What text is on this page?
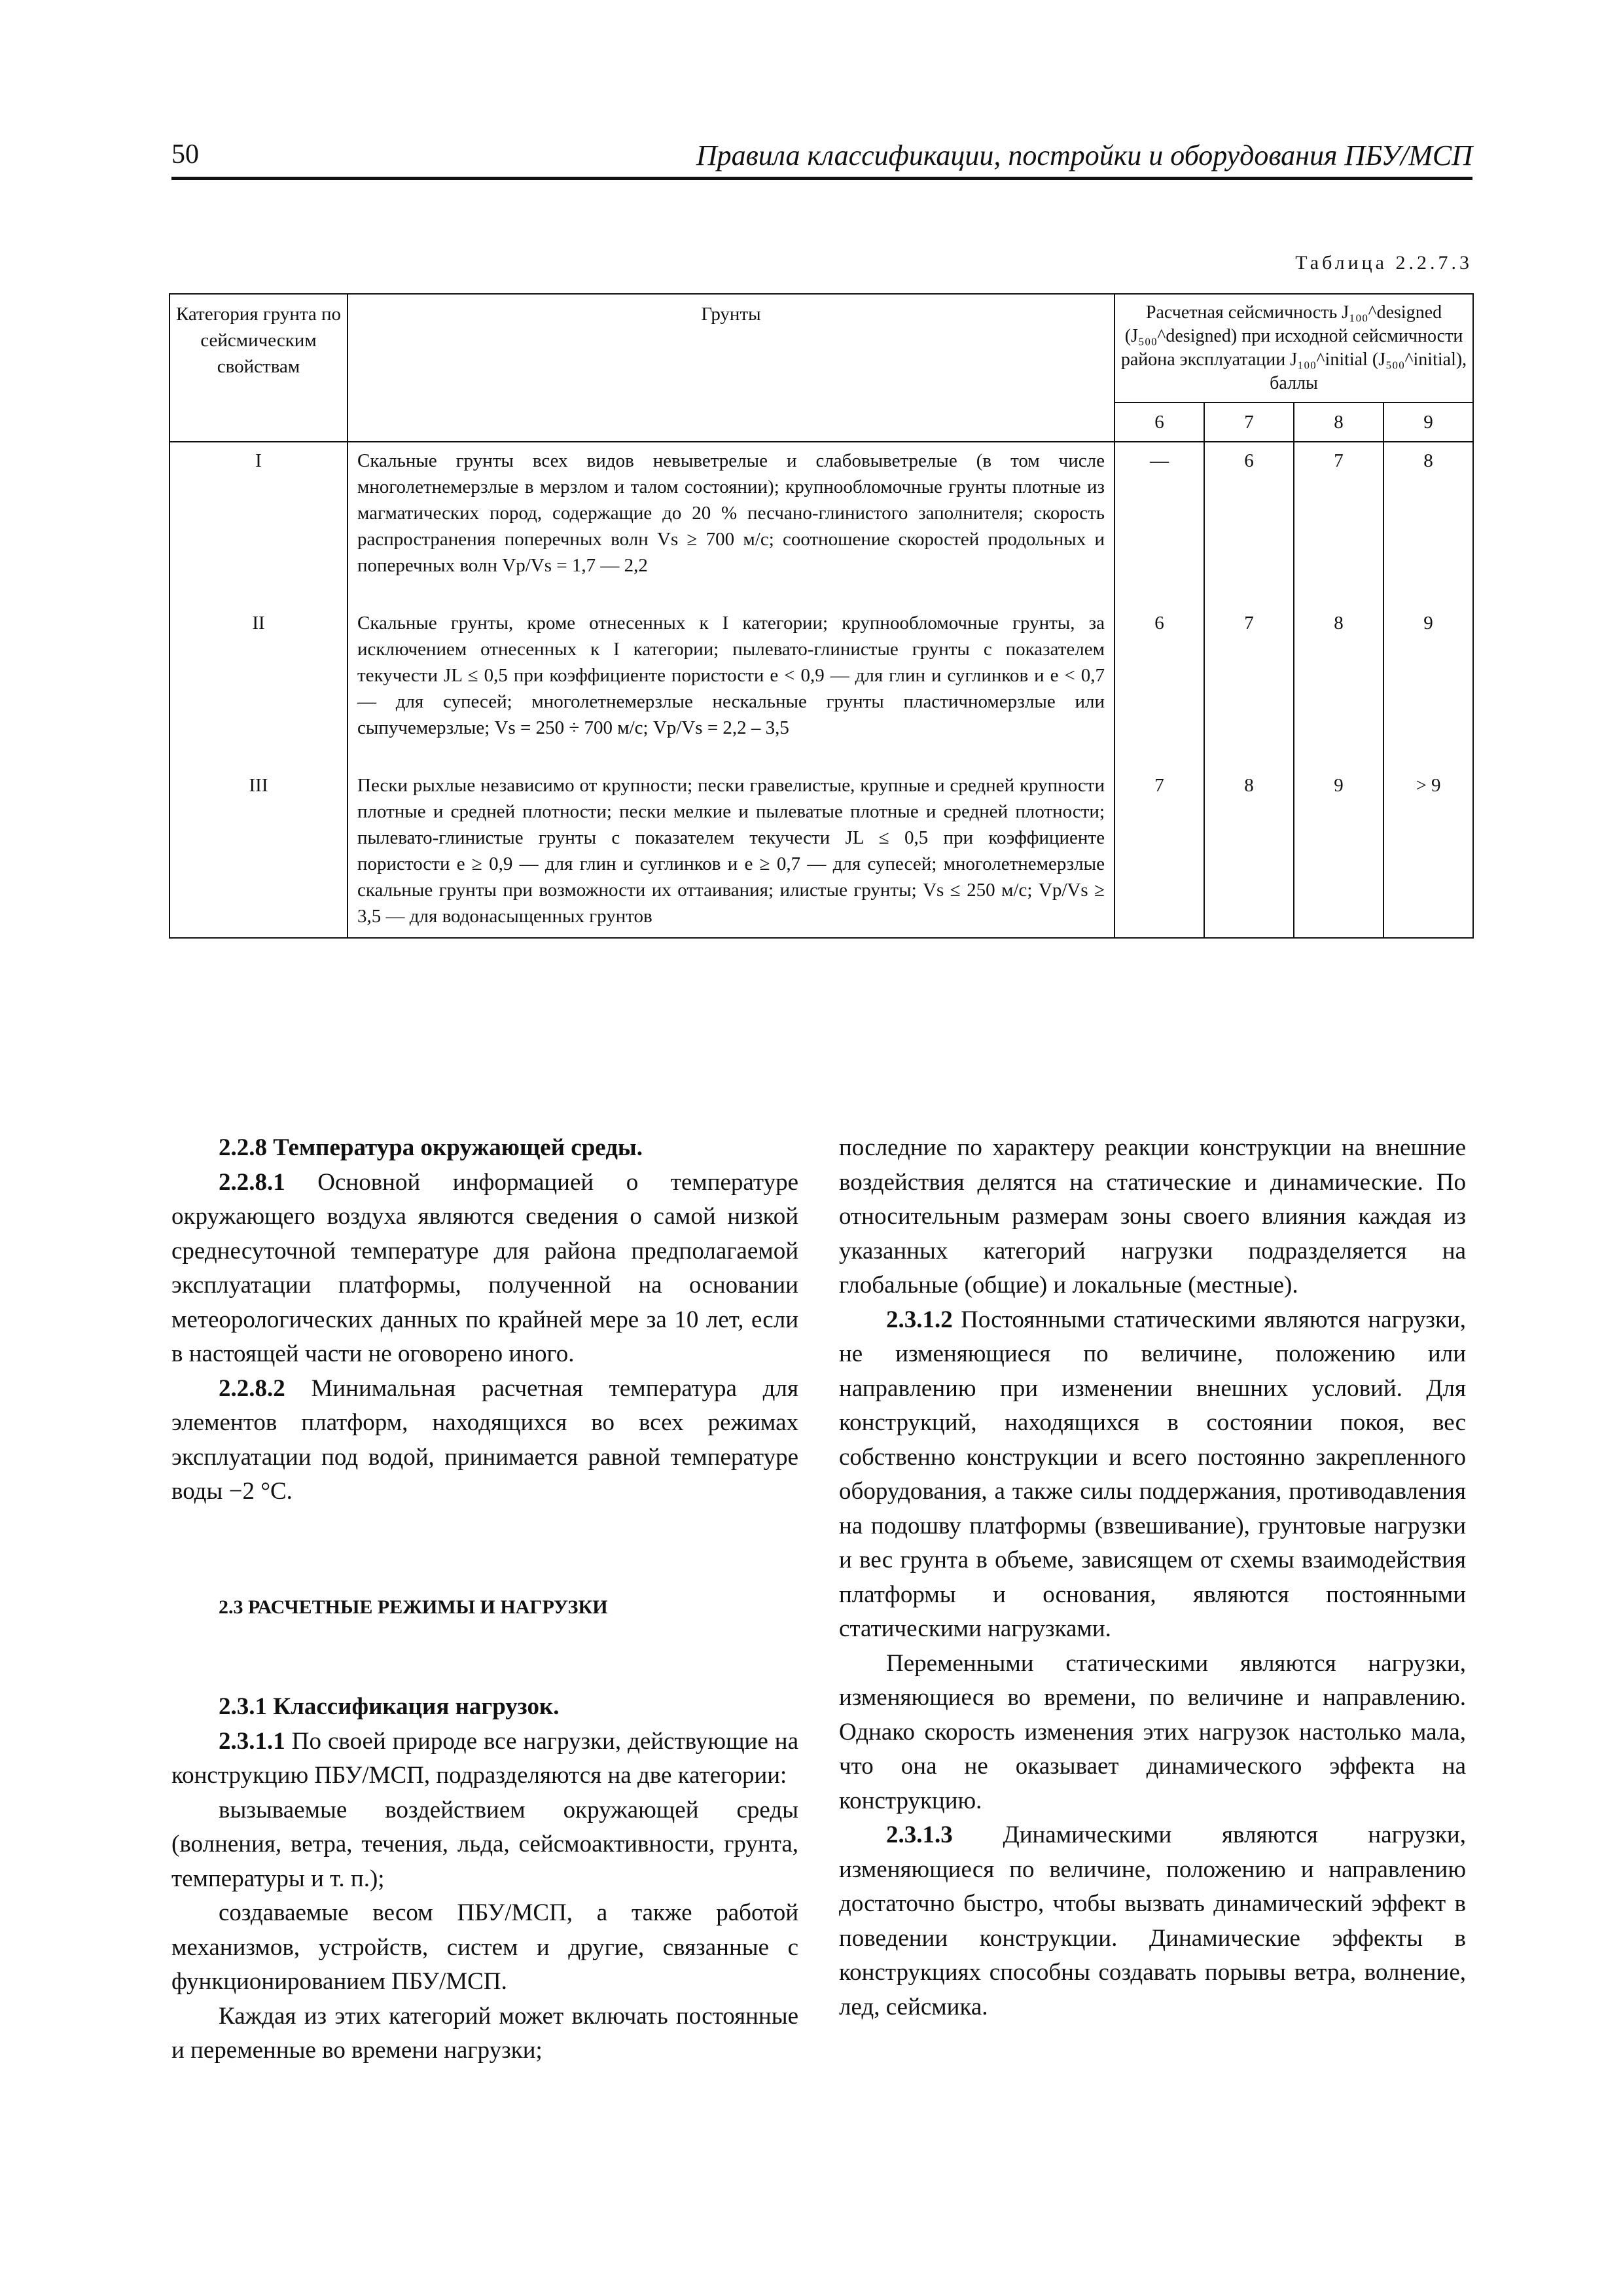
50	Правила классификации, постройки и оборудования ПБУ/МСП
Таблица 2.2.7.3
Категория грунта по сейсмическим свойствам	Грунты	Расчетная сейсмичность J₁₀₀^designed (J₅₀₀^designed) при исходной сейсмичности района эксплуатации J₁₀₀^initial (J₅₀₀^initial), баллы			
		6	7	8	9
I	Скальные грунты всех видов невыветрелые и слабовыветрелые (в том числе многолетнемерзлые в мерзлом и талом состоянии); крупнообломочные грунты плотные из магматических пород, содержащие до 20 % песчано-глинистого заполнителя; скорость распространения поперечных волн Vs ≥ 700 м/с; соотношение скоростей продольных и поперечных волн Vp/Vs = 1,7 — 2,2	—	6	7	8
II	Скальные грунты, кроме отнесенных к I категории; крупнообломочные грунты, за исключением отнесенных к I категории; пылевато-глинистые грунты с показателем текучести JL ≤ 0,5 при коэффициенте пористости e < 0,9 — для глин и суглинков и e < 0,7 — для супесей; многолетнемерзлые нескальные грунты пластичномерзлые или сыпучемерзлые; Vs = 250 ÷ 700 м/с; Vp/Vs = 2,2 – 3,5	6	7	8	9
III	Пески рыхлые независимо от крупности; пески гравелистые, крупные и средней крупности плотные и средней плотности; пески мелкие и пылеватые плотные и средней плотности; пылевато-глинистые грунты с показателем текучести JL ≤ 0,5 при коэффициенте пористости e ≥ 0,9 — для глин и суглинков и e ≥ 0,7 — для супесей; многолетнемерзлые скальные грунты при возможности их оттаивания; илистые грунты; Vs ≤ 250 м/с; Vp/Vs ≥ 3,5 — для водонасыщенных грунтов	7	8	9	> 9

2.2.8 Температура окружающей среды.

2.2.8.1 Основной информацией о температуре окружающего воздуха являются сведения о самой низкой среднесуточной температуре для района предполагаемой эксплуатации платформы, полученной на основании метеорологических данных по крайней мере за 10 лет, если в настоящей части не оговорено иного.

2.2.8.2 Минимальная расчетная температура для элементов платформ, находящихся во всех режимах эксплуатации под водой, принимается равной температуре воды −2 °С.

2.3 РАСЧЕТНЫЕ РЕЖИМЫ И НАГРУЗКИ

2.3.1 Классификация нагрузок.

2.3.1.1 По своей природе все нагрузки, действующие на конструкцию ПБУ/МСП, подразделяются на две категории:

вызываемые воздействием окружающей среды (волнения, ветра, течения, льда, сейсмоактивности, грунта, температуры и т. п.);

создаваемые весом ПБУ/МСП, а также работой механизмов, устройств, систем и другие, связанные с функционированием ПБУ/МСП.

Каждая из этих категорий может включать постоянные и переменные во времени нагрузки;

последние по характеру реакции конструкции на внешние воздействия делятся на статические и динамические. По относительным размерам зоны своего влияния каждая из указанных категорий нагрузки подразделяется на глобальные (общие) и локальные (местные).

2.3.1.2 Постоянными статическими являются нагрузки, не изменяющиеся по величине, положению или направлению при изменении внешних условий. Для конструкций, находящихся в состоянии покоя, вес собственно конструкции и всего постоянно закрепленного оборудования, а также силы поддержания, противодавления на подошву платформы (взвешивание), грунтовые нагрузки и вес грунта в объеме, зависящем от схемы взаимодействия платформы и основания, являются постоянными статическими нагрузками.

Переменными статическими являются нагрузки, изменяющиеся во времени, по величине и направлению. Однако скорость изменения этих нагрузок настолько мала, что она не оказывает динамического эффекта на конструкцию.

2.3.1.3 Динамическими являются нагрузки, изменяющиеся по величине, положению и направлению достаточно быстро, чтобы вызвать динамический эффект в поведении конструкции. Динамические эффекты в конструкциях способны создавать порывы ветра, волнение, лед, сейсмика.
